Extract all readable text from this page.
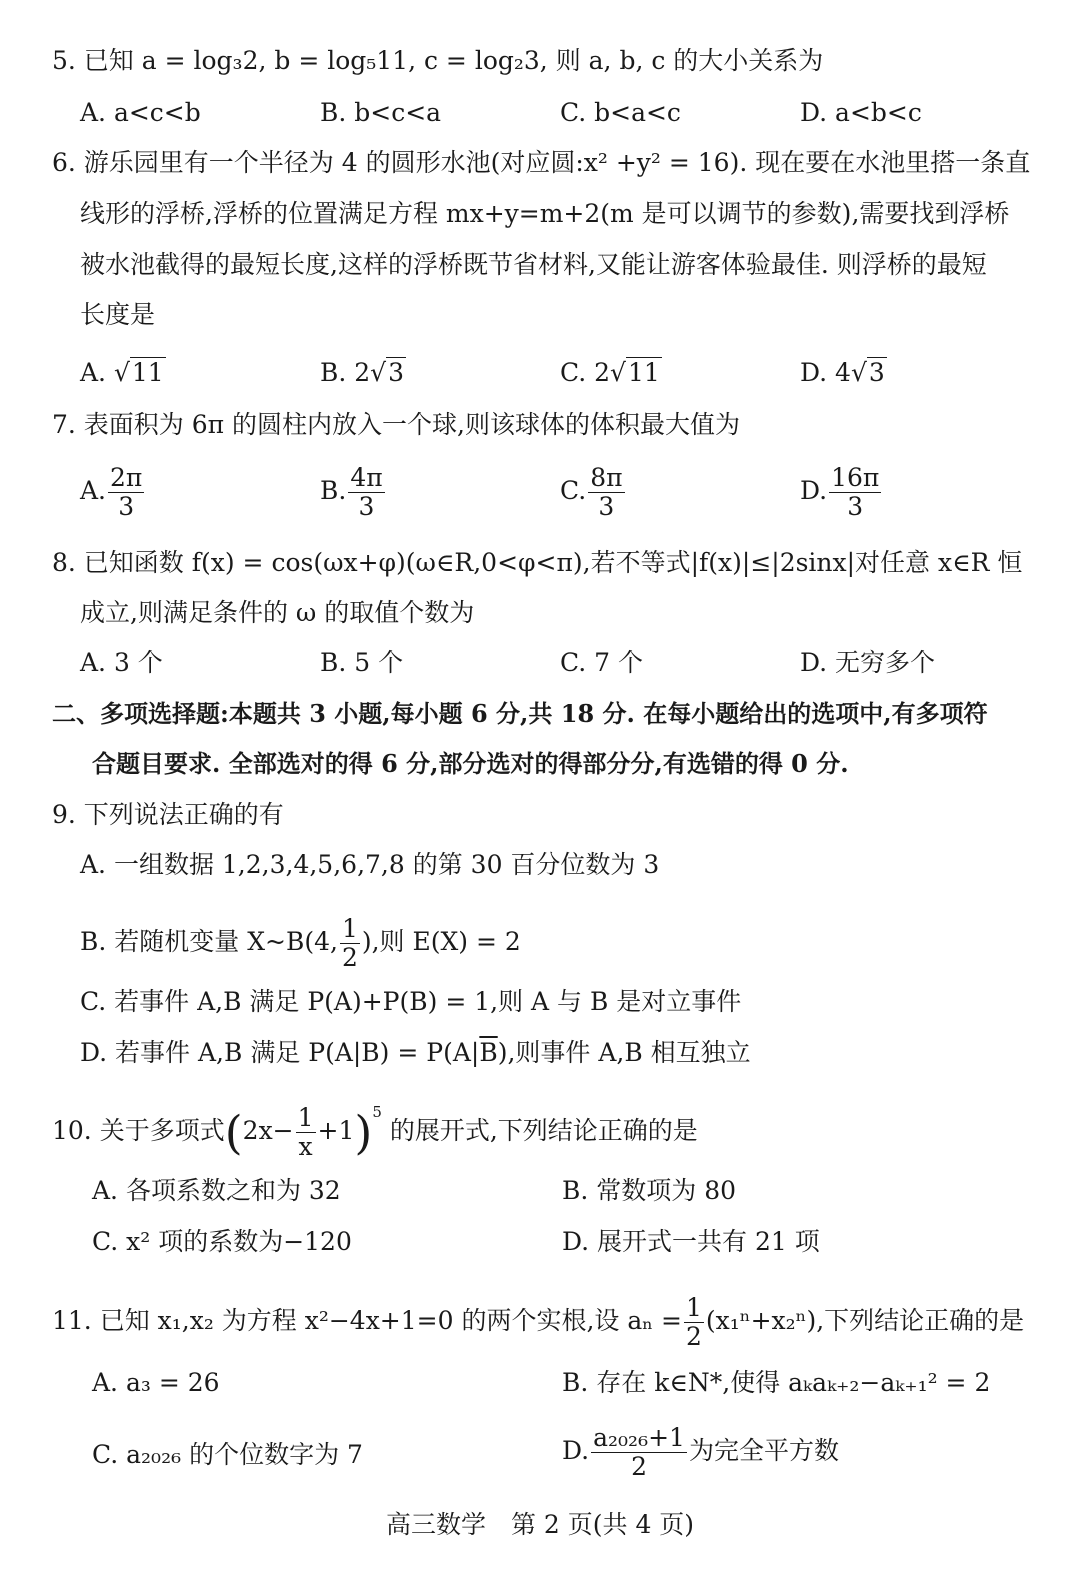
5. 已知 a = log₃2, b = log₅11, c = log₂3, 则 a, b, c 的大小关系为
A. a<c<b	B. b<c<a	C. b<a<c	D. a<b<c
6. 游乐园里有一个半径为 4 的圆形水池(对应圆:x² +y² = 16). 现在要在水池里搭一条直
线形的浮桥,浮桥的位置满足方程 mx+y=m+2(m 是可以调节的参数),需要找到浮桥
被水池截得的最短长度,这样的浮桥既节省材料,又能让游客体验最佳. 则浮桥的最短
长度是
A. √11	B. 2√3	C. 2√11	D. 4√3
7. 表面积为 6π 的圆柱内放入一个球,则该球体的体积最大值为
A. $\frac{2\pi}{3}$	B. $\frac{4\pi}{3}$	C. $\frac{8\pi}{3}$	D. $\frac{16\pi}{3}$
8. 已知函数 f(x) = cos(ωx+φ)(ω∈R,0<φ<π),若不等式|f(x)|≤|2sinx|对任意 x∈R 恒
成立,则满足条件的 ω 的取值个数为
A. 3 个	B. 5 个	C. 7 个	D. 无穷多个
二、多项选择题:本题共 3 小题,每小题 6 分,共 18 分. 在每小题给出的选项中,有多项符
合题目要求. 全部选对的得 6 分,部分选对的得部分分,有选错的得 0 分.
9. 下列说法正确的有
A. 一组数据 1,2,3,4,5,6,7,8 的第 30 百分位数为 3
B. 若随机变量 X~B(4, $\frac{1}{2}$ ),则 E(X) = 2
C. 若事件 A,B 满足 P(A)+P(B) = 1,则 A 与 B 是对立事件
D. 若事件 A,B 满足 $P(A|B) = P(A|\overline{B})$,则事件 A,B 相互独立
10. 关于多项式$(2x- \frac{1}{x} +1)^5$ 的展开式,下列结论正确的是
A. 各项系数之和为 32	B. 常数项为 80
C. x² 项的系数为−120	D. 展开式一共有 21 项
11. 已知 x₁,x₂ 为方程 x²−4x+1=0 的两个实根,设 $a_n = \frac{1}{2} (x_1^n+x_2^n)$,下列结论正确的是
A. a₃ = 26	B. 存在 k∈N*,使得 aₖaₖ₊₂−aₖ₊₁² = 2
C. a₂₀₂₆ 的个位数字为 7	D. $\frac{\text{a₂₀₂₆+1}}{2}$ 为完全平方数
高三数学　第 2 页(共 4 页)
